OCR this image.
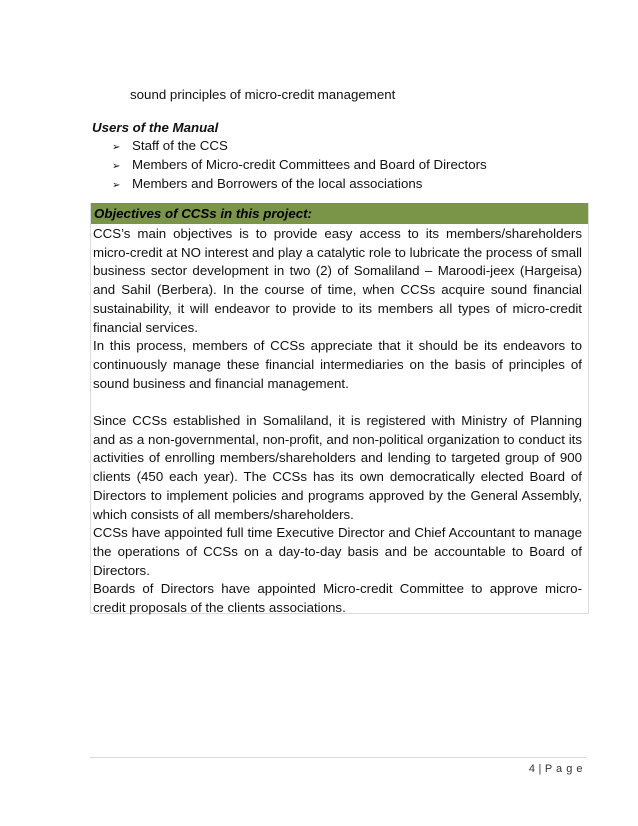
sound principles of micro-credit management
Users of the Manual
➢ Staff of the CCS
➢ Members of Micro-credit Committees and Board of Directors
➢ Members and Borrowers of the local associations
Objectives of CCSs in this project:

CCS’s main objectives is to provide easy access to its members/shareholders micro-credit at NO interest and play a catalytic role to lubricate the process of small business sector development in two (2) of Somaliland – Maroodi-jeex (Hargeisa) and Sahil (Berbera). In the course of time, when CCSs acquire sound financial sustainability, it will endeavor to provide to its members all types of micro-credit financial services.

In this process, members of CCSs appreciate that it should be its endeavors to continuously manage these financial intermediaries on the basis of principles of sound business and financial management.

Since CCSs established in Somaliland, it is registered with Ministry of Planning and as a non-governmental, non-profit, and non-political organization to conduct its activities of enrolling members/shareholders and lending to targeted group of 900 clients (450 each year). The CCSs has its own democratically elected Board of Directors to implement policies and programs approved by the General Assembly, which consists of all members/shareholders.

CCSs have appointed full time Executive Director and Chief Accountant to manage the operations of CCSs on a day-to-day basis and be accountable to Board of Directors.

Boards of Directors have appointed Micro-credit Committee to approve micro-credit proposals of the clients associations.

4 | P a g e
